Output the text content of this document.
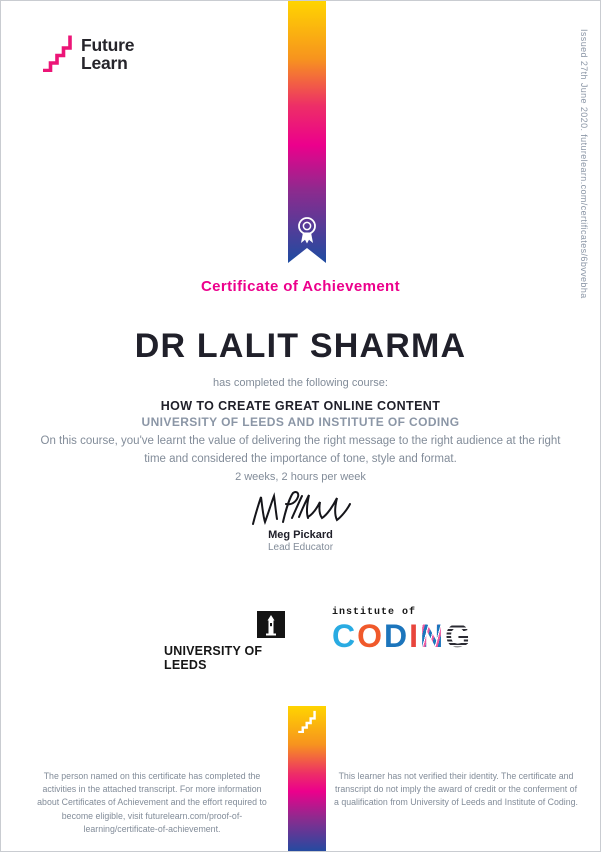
Future
Learn	Issued 27th June 2020. futurelearn.com/certificates/6bvvebha
Certificate of Achievement
DR LALIT SHARMA
has completed the following course:
HOW TO CREATE GREAT ONLINE CONTENT
UNIVERSITY OF LEEDS AND INSTITUTE OF CODING
On this course, you've learnt the value of delivering the right message to the right audience at the right time and considered the importance of tone, style and format.
2 weeks, 2 hours per week
Meg Pickard
Lead Educator
UNIVERSITY OF LEEDS
institute of
C O D I N G
The person named on this certificate has completed the activities in the attached transcript. For more information about Certificates of Achievement and the effort required to become eligible, visit futurelearn.com/proof-of-learning/certificate-of-achievement.
This learner has not verified their identity. The certificate and transcript do not imply the award of credit or the conferment of a qualification from University of Leeds and Institute of Coding.
